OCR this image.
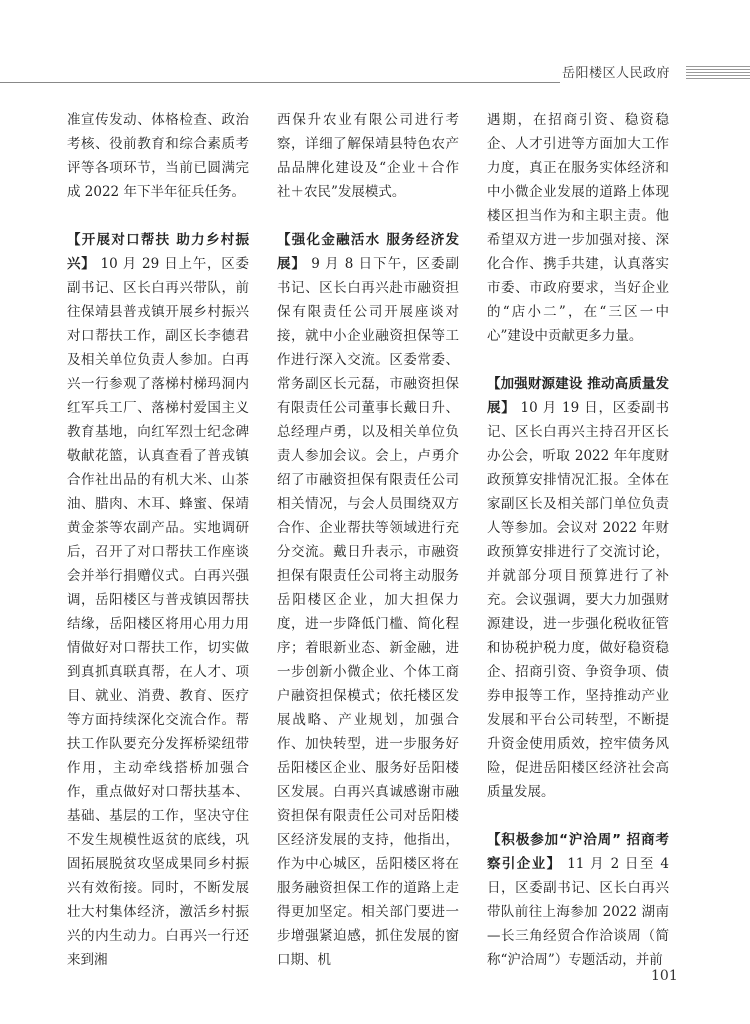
岳阳楼区人民政府

准宣传发动、体格检查、政治考核、役前教育和综合素质考评等各项环节，当前已圆满完成 2022 年下半年征兵任务。

【开展对口帮扶 助力乡村振兴】 10 月 29 日上午，区委副书记、区长白再兴带队，前往保靖县普戎镇开展乡村振兴对口帮扶工作，副区长李德君及相关单位负责人参加。白再兴一行参观了落梯村梯玛洞内红军兵工厂、落梯村爱国主义教育基地，向红军烈士纪念碑敬献花篮，认真查看了普戎镇合作社出品的有机大米、山茶油、腊肉、木耳、蜂蜜、保靖黄金茶等农副产品。实地调研后，召开了对口帮扶工作座谈会并举行捐赠仪式。白再兴强调，岳阳楼区与普戎镇因帮扶结缘，岳阳楼区将用心用力用情做好对口帮扶工作，切实做到真抓真联真帮，在人才、项目、就业、消费、教育、医疗等方面持续深化交流合作。帮扶工作队要充分发挥桥梁纽带作用，主动牵线搭桥加强合作，重点做好对口帮扶基本、基础、基层的工作，坚决守住不发生规模性返贫的底线，巩固拓展脱贫攻坚成果同乡村振兴有效衔接。同时，不断发展壮大村集体经济，激活乡村振兴的内生动力。白再兴一行还来到湘

西保升农业有限公司进行考察，详细了解保靖县特色农产品品牌化建设及“企业＋合作社＋农民”发展模式。

【强化金融活水 服务经济发展】 9 月 8 日下午，区委副书记、区长白再兴赴市融资担保有限责任公司开展座谈对接，就中小企业融资担保等工作进行深入交流。区委常委、常务副区长元磊，市融资担保有限责任公司董事长戴日升、总经理卢勇，以及相关单位负责人参加会议。会上，卢勇介绍了市融资担保有限责任公司相关情况，与会人员围绕双方合作、企业帮扶等领域进行充分交流。戴日升表示，市融资担保有限责任公司将主动服务岳阳楼区企业，加大担保力度，进一步降低门槛、简化程序；着眼新业态、新金融，进一步创新小微企业、个体工商户融资担保模式；依托楼区发展战略、产业规划，加强合作、加快转型，进一步服务好岳阳楼区企业、服务好岳阳楼区发展。白再兴真诚感谢市融资担保有限责任公司对岳阳楼区经济发展的支持，他指出，作为中心城区，岳阳楼区将在服务融资担保工作的道路上走得更加坚定。相关部门要进一步增强紧迫感，抓住发展的窗口期、机

遇期，在招商引资、稳资稳企、人才引进等方面加大工作力度，真正在服务实体经济和中小微企业发展的道路上体现楼区担当作为和主职主责。他希望双方进一步加强对接、深化合作、携手共建，认真落实市委、市政府要求，当好企业的“店小二”，在“三区一中心”建设中贡献更多力量。

【加强财源建设 推动高质量发展】 10 月 19 日，区委副书记、区长白再兴主持召开区长办公会，听取 2022 年年度财政预算安排情况汇报。全体在家副区长及相关部门单位负责人等参加。会议对 2022 年财政预算安排进行了交流讨论，并就部分项目预算进行了补充。会议强调，要大力加强财源建设，进一步强化税收征管和协税护税力度，做好稳资稳企、招商引资、争资争项、债券申报等工作，坚持推动产业发展和平台公司转型，不断提升资金使用质效，控牢债务风险，促进岳阳楼区经济社会高质量发展。

【积极参加“沪洽周” 招商考察引企业】 11 月 2 日至 4 日，区委副书记、区长白再兴带队前往上海参加 2022 湖南—长三角经贸合作洽谈周（简称“沪洽周”）专题活动，并前

101
